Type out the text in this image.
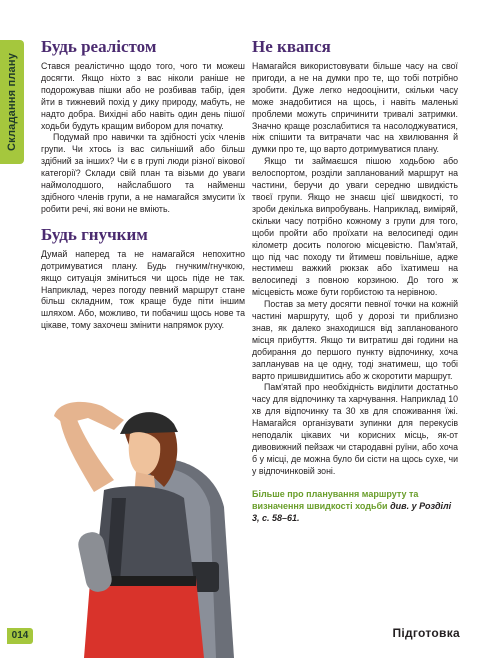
Складання плану
Будь реалістом

Стався реалістично щодо того, чого ти можеш досягти. Якщо ніхто з вас ніколи раніше не подорожував пішки або не розбивав табір, ідея йти в тижневий похід у дику природу, мабуть, не надто добра. Вихідні або навіть один день пішої ходьби будуть кращим вибором для початку.

Подумай про навички та здібності усіх членів групи. Чи хтось із вас сильніший або більш здібний за інших? Чи є в групі люди різної вікової категорії? Склади свій план та візьми до уваги наймолодшого, найслабшого та найменш здібного членів групи, а не намагайся змусити їх робити речі, які вони не вміють.

Будь гнучким

Думай наперед та не намагайся непохитно дотримуватися плану. Будь гнучким/гнучкою, якщо ситуація зміниться чи щось піде не так. Наприклад, через погоду певний маршрут стане більш складним, тож краще буде піти іншим шляхом. Або, можливо, ти побачиш щось нове та цікаве, тому захочеш змінити напрямок руху.

Не квапся

Намагайся використовувати більше часу на свої пригоди, а не на думки про те, що тобі потрібно зробити. Дуже легко недооцінити, скільки часу може знадобитися на щось, і навіть маленькі проблеми можуть спричинити тривалі затримки. Значно краще розслабитися та насолоджуватися, ніж спішити та витрачати час на хвилювання й думки про те, що варто дотримуватися плану.

Якщо ти займаєшся пішою ходьбою або велоспортом, розділи запланований маршрут на частини, беручи до уваги середню швидкість твоєї групи. Якщо не знаєш цієї швидкості, то зроби декілька випробувань. Наприклад, виміряй, скільки часу потрібно кожному з групи для того, щоби пройти або проїхати на велосипеді один кілометр досить пологою місцевістю. Пам'ятай, що під час походу ти йтимеш повільніше, адже нестимеш важкий рюкзак або їхатимеш на велосипеді з повною корзиною. До того ж місцевість може бути горбистою та нерівною.

Постав за мету досягти певної точки на кожній частині маршруту, щоб у дорозі ти приблизно знав, як далеко знаходишся від запланованого місця прибуття. Якщо ти витратиш дві години на добирання до першого пункту відпочинку, хоча запланував на це одну, тоді знатимеш, що тобі варто пришвидшитись або ж скоротити маршрут.

Пам'ятай про необхідність виділити достатньо часу для відпочинку та харчування. Наприклад 10 хв для відпочинку та 30 хв для споживання їжі. Намагайся організувати зупинки для перекусів неподалік цікавих чи корисних місць, як-от дивовижний пейзаж чи стародавні руїни, або хоча б у місці, де можна було би сісти на щось сухе, чи у відпочинковій зоні.

Більше про планування маршруту та визначення швидкості ходьби див. у Розділі 3, с. 58–61.
014	Підготовка
